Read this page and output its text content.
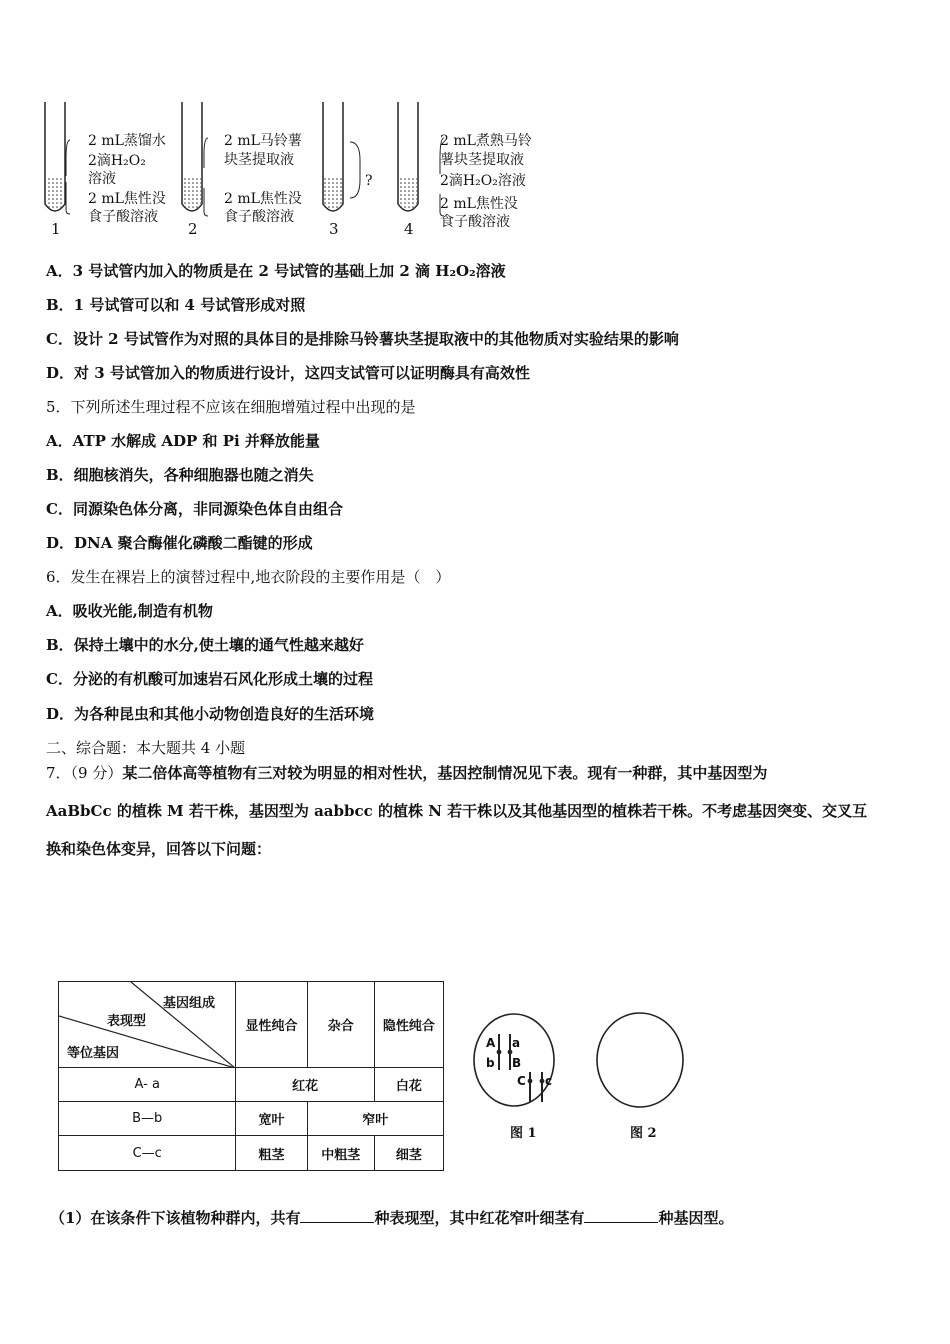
2 mL蒸馏水
2滴H₂O₂
溶液
2 mL焦性没
食子酸溶液
1
2 mL马铃薯
块茎提取液
2 mL焦性没
食子酸溶液
2
?
3
2 mL煮熟马铃
薯块茎提取液
2滴H₂O₂溶液
2 mL焦性没
食子酸溶液
4
A．3 号试管内加入的物质是在 2 号试管的基础上加 2 滴 H₂O₂溶液
B．1 号试管可以和 4 号试管形成对照
C．设计 2 号试管作为对照的具体目的是排除马铃薯块茎提取液中的其他物质对实验结果的影响
D．对 3 号试管加入的物质进行设计，这四支试管可以证明酶具有高效性
5．下列所述生理过程不应该在细胞增殖过程中出现的是
A．ATP 水解成 ADP 和 Pi 并释放能量
B．细胞核消失，各种细胞器也随之消失
C．同源染色体分离，非同源染色体自由组合
D．DNA 聚合酶催化磷酸二酯键的形成
6．发生在裸岩上的演替过程中,地衣阶段的主要作用是（　）
A．吸收光能,制造有机物
B．保持土壤中的水分,使土壤的通气性越来越好
C．分泌的有机酸可加速岩石风化形成土壤的过程
D．为各种昆虫和其他小动物创造良好的生活环境
二、综合题：本大题共 4 小题
7．（9 分）某二倍体高等植物有三对较为明显的相对性状，基因控制情况见下表。现有一种群，其中基因型为
AaBbCc 的植株 M 若干株，基因型为 aabbcc 的植株 N 若干株以及其他基因型的植株若干株。不考虑基因突变、交叉互
换和染色体变异，回答以下问题：
基因组成
表现型
等位基因	显性纯合	杂合	隐性纯合
A- a	红花		白花
B—b	宽叶	窄叶	
C—c	粗茎	中粗茎	细茎
A a
b B
C c
图 1	图 2
（1）在该条件下该植物种群内，共有	种表现型，其中红花窄叶细茎有	种基因型。
